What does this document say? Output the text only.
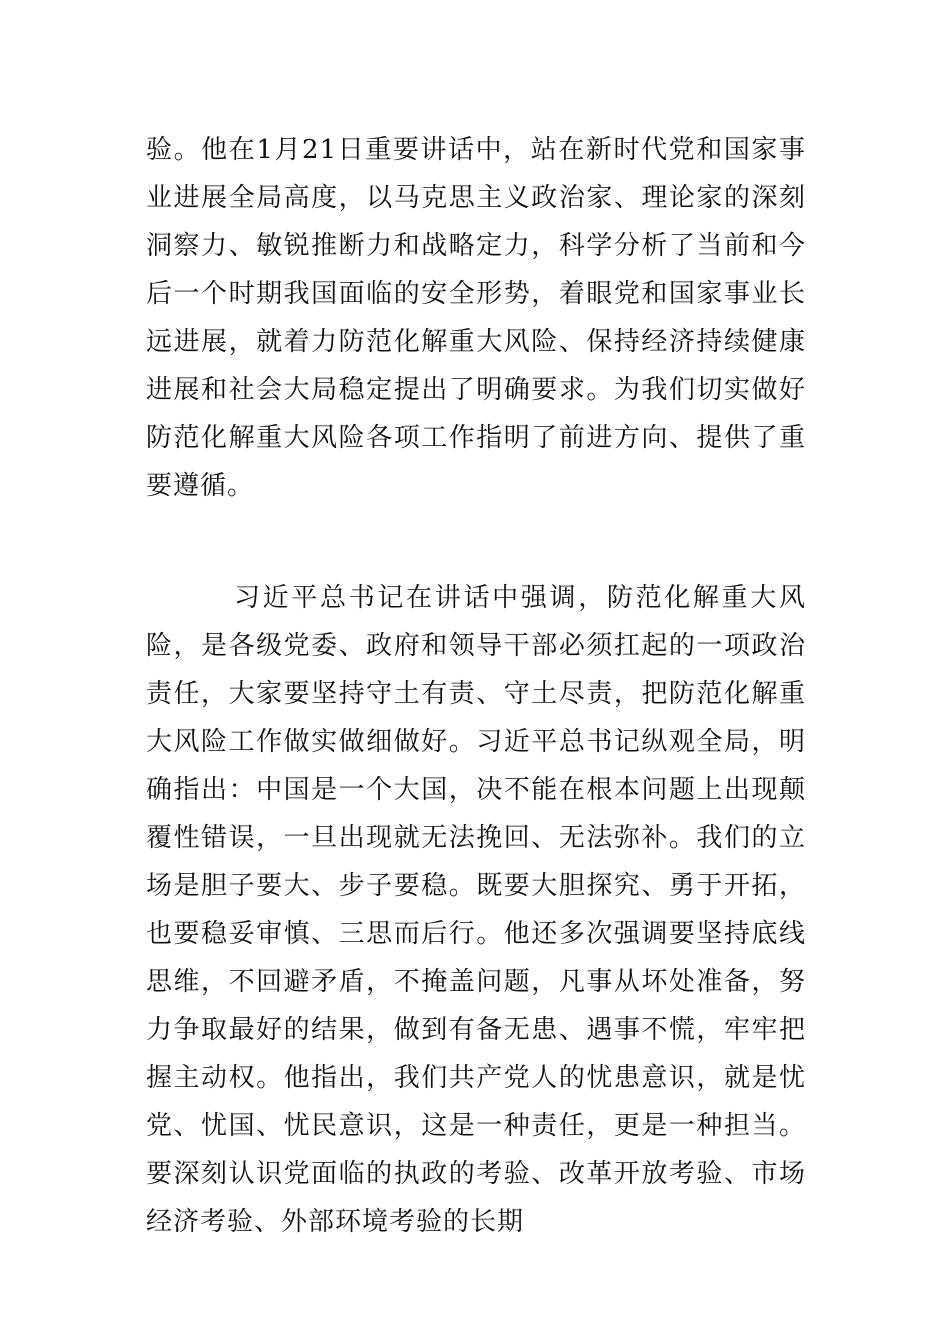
验。他在1月21日重要讲话中，站在新时代党和国家事业进展全局高度，以马克思主义政治家、理论家的深刻洞察力、敏锐推断力和战略定力，科学分析了当前和今后一个时期我国面临的安全形势，着眼党和国家事业长远进展，就着力防范化解重大风险、保持经济持续健康进展和社会大局稳定提出了明确要求。为我们切实做好防范化解重大风险各项工作指明了前进方向、提供了重要遵循。

习近平总书记在讲话中强调，防范化解重大风险，是各级党委、政府和领导干部必须扛起的一项政治责任，大家要坚持守土有责、守土尽责，把防范化解重大风险工作做实做细做好。习近平总书记纵观全局，明确指出：中国是一个大国，决不能在根本问题上出现颠覆性错误，一旦出现就无法挽回、无法弥补。我们的立场是胆子要大、步子要稳。既要大胆探究、勇于开拓，也要稳妥审慎、三思而后行。他还多次强调要坚持底线思维，不回避矛盾，不掩盖问题，凡事从坏处准备，努力争取最好的结果，做到有备无患、遇事不慌，牢牢把握主动权。他指出，我们共产党人的忧患意识，就是忧党、忧国、忧民意识，这是一种责任，更是一种担当。要深刻认识党面临的执政的考验、改革开放考验、市场经济考验、外部环境考验的长期
